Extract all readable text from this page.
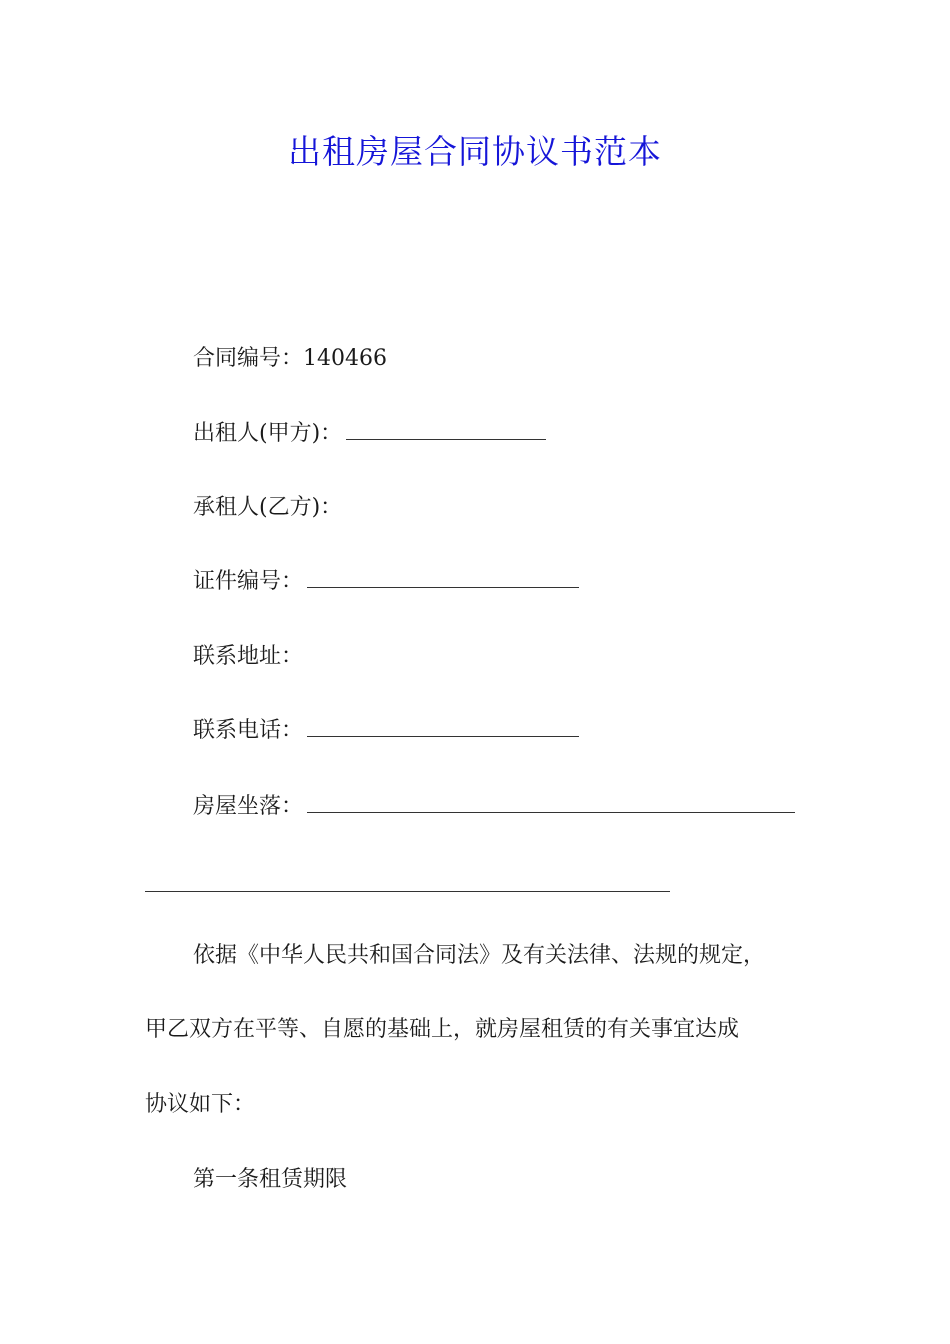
出租房屋合同协议书范本
合同编号：140466
出租人(甲方)：
承租人(乙方)：
证件编号：
联系地址：
联系电话：
房屋坐落：
依据《中华人民共和国合同法》及有关法律、法规的规定，
甲乙双方在平等、自愿的基础上，就房屋租赁的有关事宜达成
协议如下：
第一条租赁期限
